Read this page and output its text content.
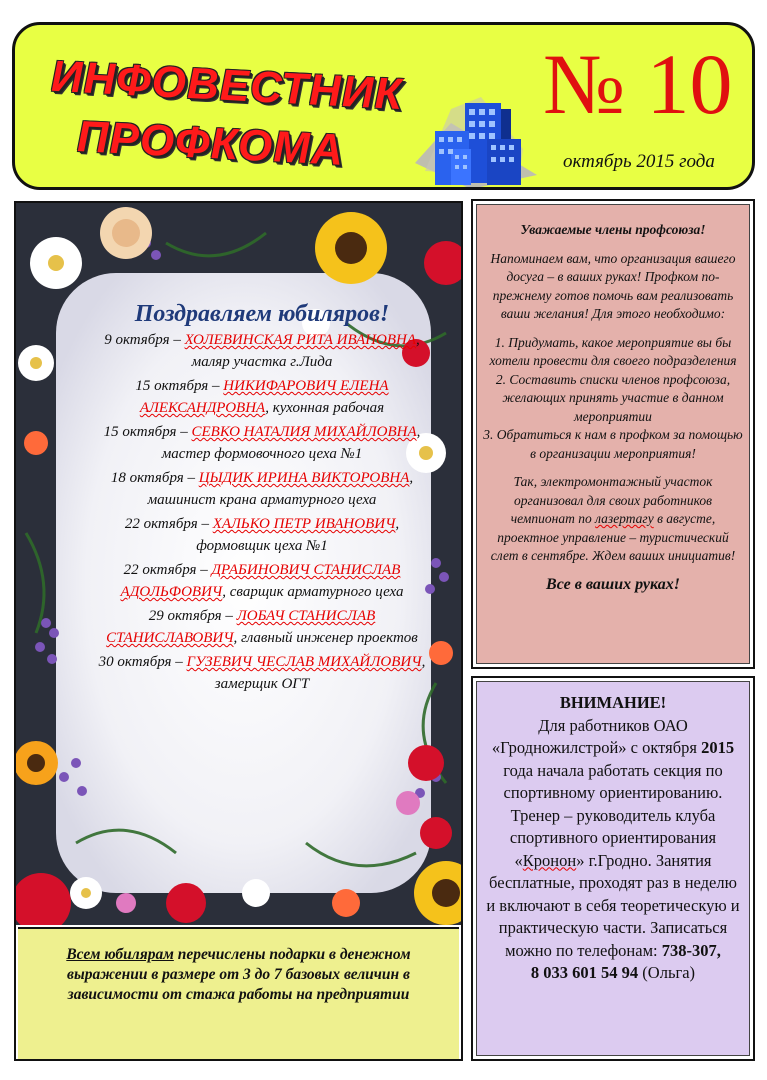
ИНФОВЕСТНИК
ПРОФКОМА
№ 10
октябрь 2015 года
Поздравляем юбиляров!
9 октября – ХОЛЕВИНСКАЯ РИТА ИВАНОВНА, маляр участка г.Лида
15 октября – НИКИФАРОВИЧ ЕЛЕНА АЛЕКСАНДРОВНА, кухонная рабочая
15 октября – СЕВКО НАТАЛИЯ МИХАЙЛОВНА, мастер формовочного цеха №1
18 октября – ЦЫДИК ИРИНА ВИКТОРОВНА, машинист крана арматурного цеха
22 октября – ХАЛЬКО ПЕТР ИВАНОВИЧ, формовщик цеха №1
22 октября – ДРАБИНОВИЧ СТАНИСЛАВ АДОЛЬФОВИЧ, сварщик арматурного цеха
29 октября – ЛОБАЧ СТАНИСЛАВ СТАНИСЛАВОВИЧ, главный инженер проектов
30 октября – ГУЗЕВИЧ ЧЕСЛАВ МИХАЙЛОВИЧ, замерщик ОГТ
Всем юбилярам перечислены подарки в денежном выражении в размере от 3 до 7 базовых величин в зависимости от стажа работы на предприятии

Уважаемые члены профсоюза!

Напоминаем вам, что организация вашего досуга – в ваших руках! Профком по- прежнему готов помочь вам реализовать ваши желания! Для этого необходимо:

1. Придумать, какое мероприятие вы бы хотели провести для своего подразделения
2. Составить списки членов профсоюза, желающих принять участие в данном мероприятии
3. Обратиться к нам в профком за помощью в организации мероприятия!

Так, электромонтажный участок организовал для своих работников чемпионат по лазертагу в августе, проектное управление – туристический слет в сентябре. Ждем ваших инициатив!

Все в ваших руках!

ВНИМАНИЕ!
Для работников ОАО «Гродножилстрой» с октября 2015 года начала работать секция по спортивному ориентированию. Тренер – руководитель клуба спортивного ориентирования «Кронон» г.Гродно. Занятия бесплатные, проходят раз в неделю и включают в себя теоретическую и практическую части. Записаться можно по телефонам: 738-307,
8 033 601 54 94 (Ольга)
